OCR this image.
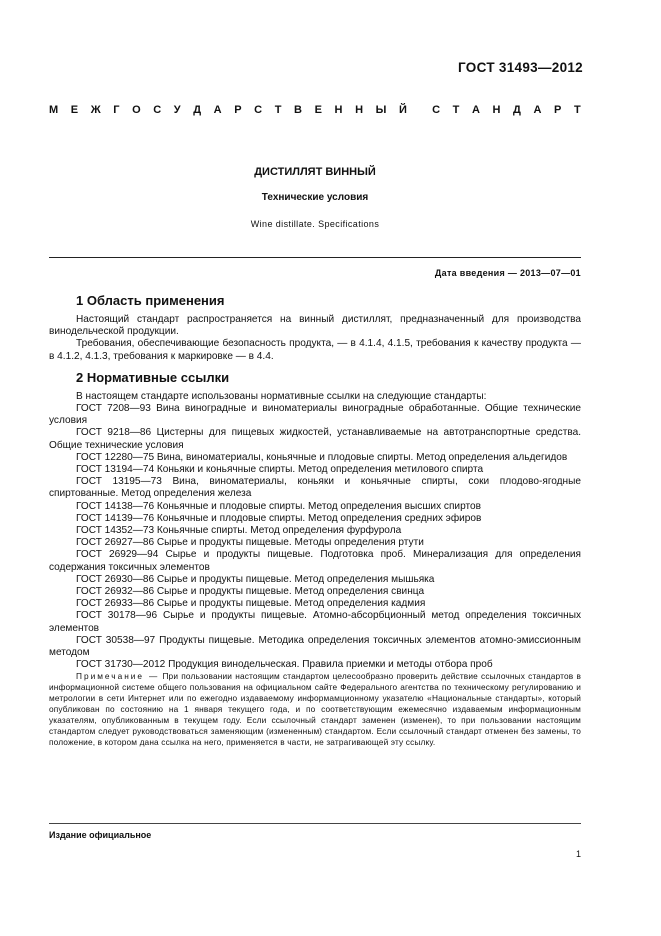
ГОСТ 31493—2012
М Е Ж Г О С У Д А Р С Т В Е Н Н Ы Й С Т А Н Д А Р Т
ДИСТИЛЛЯТ ВИННЫЙ
Технические условия
Wine distillate. Specifications
Дата введения — 2013—07—01
1 Область применения

Настоящий стандарт распространяется на винный дистиллят, предназначенный для производства винодельческой продукции.

Требования, обеспечивающие безопасность продукта, — в 4.1.4, 4.1.5, требования к качеству продукта — в 4.1.2, 4.1.3, требования к маркировке — в 4.4.

2 Нормативные ссылки

В настоящем стандарте использованы нормативные ссылки на следующие стандарты:

ГОСТ 7208—93 Вина виноградные и виноматериалы виноградные обработанные. Общие технические условия
ГОСТ 9218—86 Цистерны для пищевых жидкостей, устанавливаемые на автотранспортные средства. Общие технические условия
ГОСТ 12280—75 Вина, виноматериалы, коньячные и плодовые спирты. Метод определения альдегидов
ГОСТ 13194—74 Коньяки и коньячные спирты. Метод определения метилового спирта
ГОСТ 13195—73 Вина, виноматериалы, коньяки и коньячные спирты, соки плодово-ягодные спиртованные. Метод определения железа
ГОСТ 14138—76 Коньячные и плодовые спирты. Метод определения высших спиртов
ГОСТ 14139—76 Коньячные и плодовые спирты. Метод определения средних эфиров
ГОСТ 14352—73 Коньячные спирты. Метод определения фурфурола
ГОСТ 26927—86 Сырье и продукты пищевые. Методы определения ртути
ГОСТ 26929—94 Сырье и продукты пищевые. Подготовка проб. Минерализация для определения содержания токсичных элементов
ГОСТ 26930—86 Сырье и продукты пищевые. Метод определения мышьяка
ГОСТ 26932—86 Сырье и продукты пищевые. Метод определения свинца
ГОСТ 26933—86 Сырье и продукты пищевые. Метод определения кадмия
ГОСТ 30178—96 Сырье и продукты пищевые. Атомно-абсорбционный метод определения токсичных элементов
ГОСТ 30538—97 Продукты пищевые. Методика определения токсичных элементов атомно-эмиссионным методом
ГОСТ 31730—2012 Продукция винодельческая. Правила приемки и методы отбора проб

Примечание — При пользовании настоящим стандартом целесообразно проверить действие ссылочных стандартов в информационной системе общего пользования на официальном сайте Федерального агентства по техническому регулированию и метрологии в сети Интернет или по ежегодно издаваемому информамционному указателю «Национальные стандарты», который опубликован по состоянию на 1 января текущего года, и по соответствующим ежемесячно издаваемым информационным указателям, опубликованным в текущем году. Если ссылочный стандарт заменен (изменен), то при пользовании настоящим стандартом следует руководствоваться заменяющим (измененным) стандартом. Если ссылочный стандарт отменен без замены, то положение, в котором дана ссылка на него, применяется в части, не затрагивающей эту ссылку.

Издание официальное
1
